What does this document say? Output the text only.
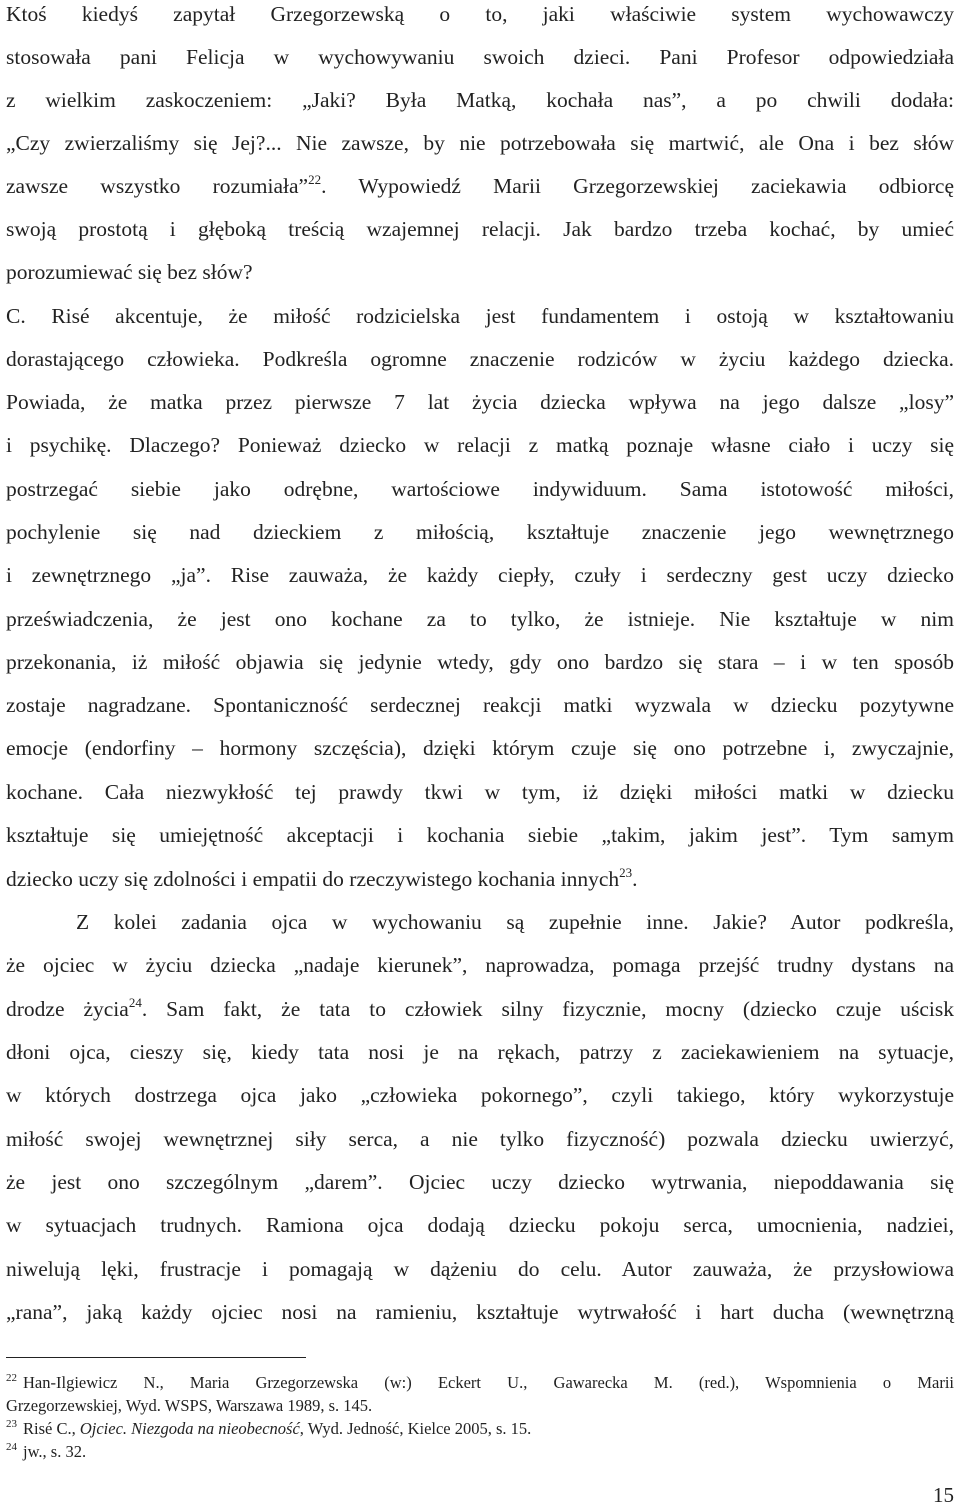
Ktoś kiedyś zapytał Grzegorzewską o to, jaki właściwie system wychowawczy

stosowała pani Felicja w wychowywaniu swoich dzieci. Pani Profesor odpowiedziała

z wielkim zaskoczeniem: „Jaki? Była Matką, kochała nas”, a po chwili dodała:

„Czy zwierzaliśmy się Jej?... Nie zawsze, by nie potrzebowała się martwić, ale Ona i bez słów

zawsze wszystko rozumiała”$^{22}$. Wypowiedź Marii Grzegorzewskiej zaciekawia odbiorcę

swoją prostotą i głęboką treścią wzajemnej relacji. Jak bardzo trzeba kochać, by umieć

porozumiewać się bez słów?

C. Risé akcentuje, że miłość rodzicielska jest fundamentem i ostoją w kształtowaniu

dorastającego człowieka. Podkreśla ogromne znaczenie rodziców w życiu każdego dziecka.

Powiada, że matka przez pierwsze 7 lat życia dziecka wpływa na jego dalsze „losy”

i psychikę. Dlaczego? Ponieważ dziecko w relacji z matką poznaje własne ciało i uczy się

postrzegać siebie jako odrębne, wartościowe indywiduum. Sama istotowość miłości,

pochylenie się nad dzieckiem z miłością, kształtuje znaczenie jego wewnętrznego

i zewnętrznego „ja”. Rise zauważa, że każdy ciepły, czuły i serdeczny gest uczy dziecko

przeświadczenia, że jest ono kochane za to tylko, że istnieje. Nie kształtuje w nim

przekonania, iż miłość objawia się jedynie wtedy, gdy ono bardzo się stara – i w ten sposób

zostaje nagradzane. Spontaniczność serdecznej reakcji matki wyzwala w dziecku pozytywne

emocje (endorfiny – hormony szczęścia), dzięki którym czuje się ono potrzebne i, zwyczajnie,

kochane. Cała niezwykłość tej prawdy tkwi w tym, iż dzięki miłości matki w dziecku

kształtuje się umiejętność akceptacji i kochania siebie „takim, jakim jest”. Tym samym

dziecko uczy się zdolności i empatii do rzeczywistego kochania innych$^{23}$.

Z kolei zadania ojca w wychowaniu są zupełnie inne. Jakie? Autor podkreśla,

że ojciec w życiu dziecka „nadaje kierunek”, naprowadza, pomaga przejść trudny dystans na

drodze życia$^{24}$. Sam fakt, że tata to człowiek silny fizycznie, mocny (dziecko czuje uścisk

dłoni ojca, cieszy się, kiedy tata nosi je na rękach, patrzy z zaciekawieniem na sytuacje,

w których dostrzega ojca jako „człowieka pokornego”, czyli takiego, który wykorzystuje

miłość swojej wewnętrznej siły serca, a nie tylko fizyczność) pozwala dziecku uwierzyć,

że jest ono szczególnym „darem”. Ojciec uczy dziecko wytrwania, niepoddawania się

w sytuacjach trudnych. Ramiona ojca dodają dziecku pokoju serca, umocnienia, nadziei,

niwelują lęki, frustracje i pomagają w dążeniu do celu. Autor zauważa, że przysłowiowa

„rana”, jaką każdy ojciec nosi na ramieniu, kształtuje wytrwałość i hart ducha (wewnętrzną

$^{22}$ Han-Ilgiewicz N., Maria Grzegorzewska (w:) Eckert U., Gawarecka M. (red.), Wspomnienia o Marii

Grzegorzewskiej, Wyd. WSPS, Warszawa 1989, s. 145.

$^{23}$ Risé C., Ojciec. Niezgoda na nieobecność, Wyd. Jedność, Kielce 2005, s. 15.

$^{24}$ jw., s. 32.

15
